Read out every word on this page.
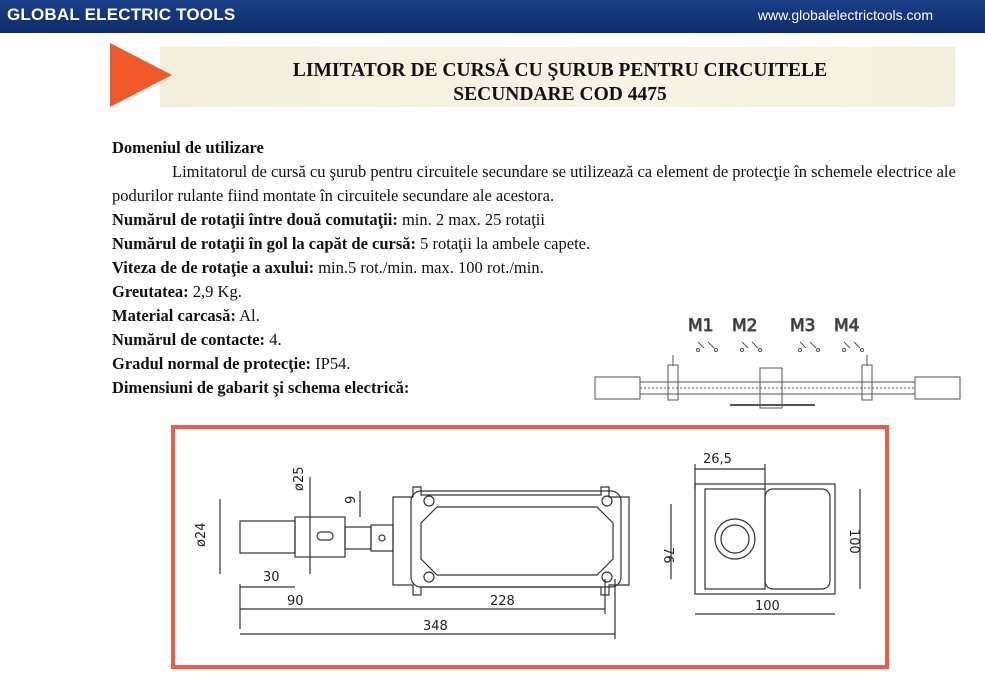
GLOBAL ELECTRIC TOOLS	www.globalelectrictools.com
LIMITATOR DE CURSĂ CU ŞURUB PENTRU CIRCUITELE
SECUNDARE COD 4475
Domeniul de utilizare
Limitatorul de cursă cu şurub pentru circuitele secundare se utilizează ca element de protecţie în schemele electrice ale podurilor rulante fiind montate în circuitele secundare ale acestora.
Numărul de rotaţii între două comutaţii: min. 2 max. 25 rotaţii
Numărul de rotaţii în gol la capăt de cursă: 5 rotaţii la ambele capete.
Viteza de de rotaţie a axului: min.5 rot./min. max. 100 rot./min.
Greutatea: 2,9 Kg.
Material carcasă: Al.
Numărul de contacte: 4.
Gradul normal de protecţie: IP54.
Dimensiuni de gabarit şi schema electrică:
M1 M2 M3 M4
ø24
ø25
9
30
90	228
348
76
26,5
100
100
